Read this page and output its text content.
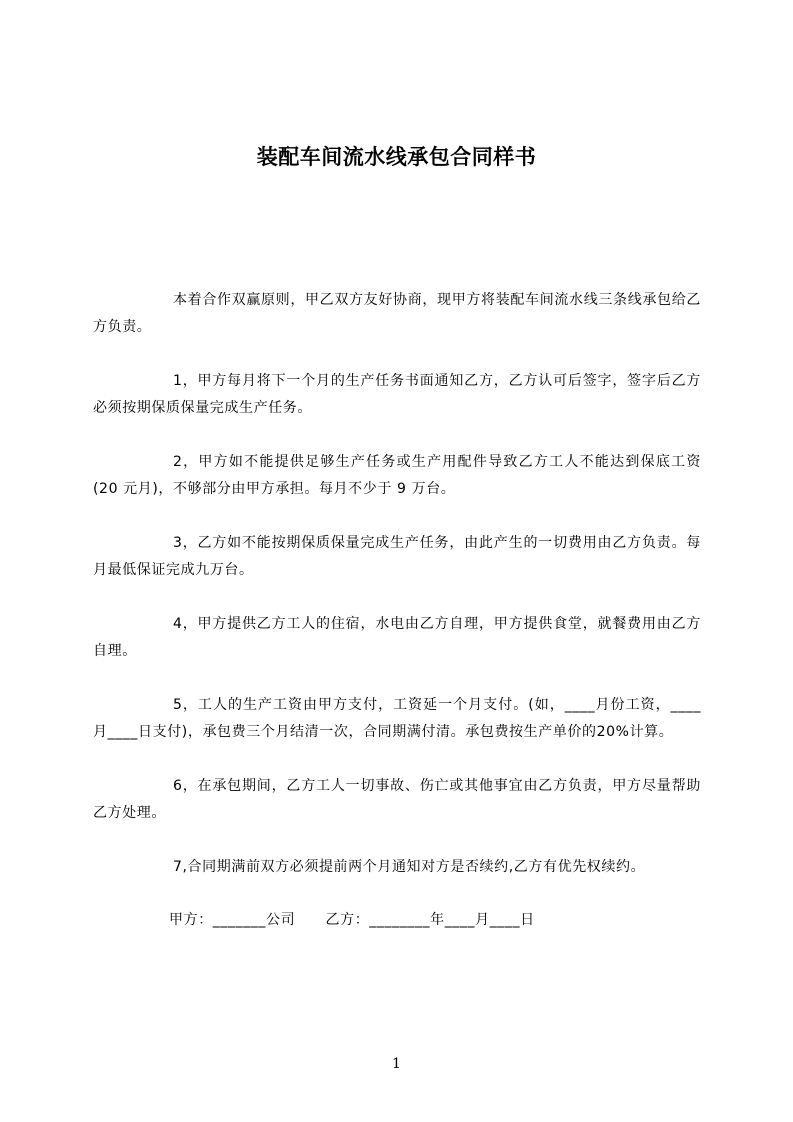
装配车间流水线承包合同样书

本着合作双赢原则，甲乙双方友好协商，现甲方将装配车间流水线三条线承包给乙方负责。

1，甲方每月将下一个月的生产任务书面通知乙方，乙方认可后签字，签字后乙方必须按期保质保量完成生产任务。

2，甲方如不能提供足够生产任务或生产用配件导致乙方工人不能达到保底工资(20 元月)，不够部分由甲方承担。每月不少于 9 万台。

3，乙方如不能按期保质保量完成生产任务，由此产生的一切费用由乙方负责。每月最低保证完成九万台。

4，甲方提供乙方工人的住宿，水电由乙方自理，甲方提供食堂，就餐费用由乙方自理。

5，工人的生产工资由甲方支付，工资延一个月支付。(如，____月份工资，____月____日支付)，承包费三个月结清一次，合同期满付清。承包费按生产单价的20%计算。

6，在承包期间，乙方工人一切事故、伤亡或其他事宜由乙方负责，甲方尽量帮助乙方处理。

7,合同期满前双方必须提前两个月通知对方是否续约,乙方有优先权续约。

甲方：_______公司      乙方：________年____月____日
1
